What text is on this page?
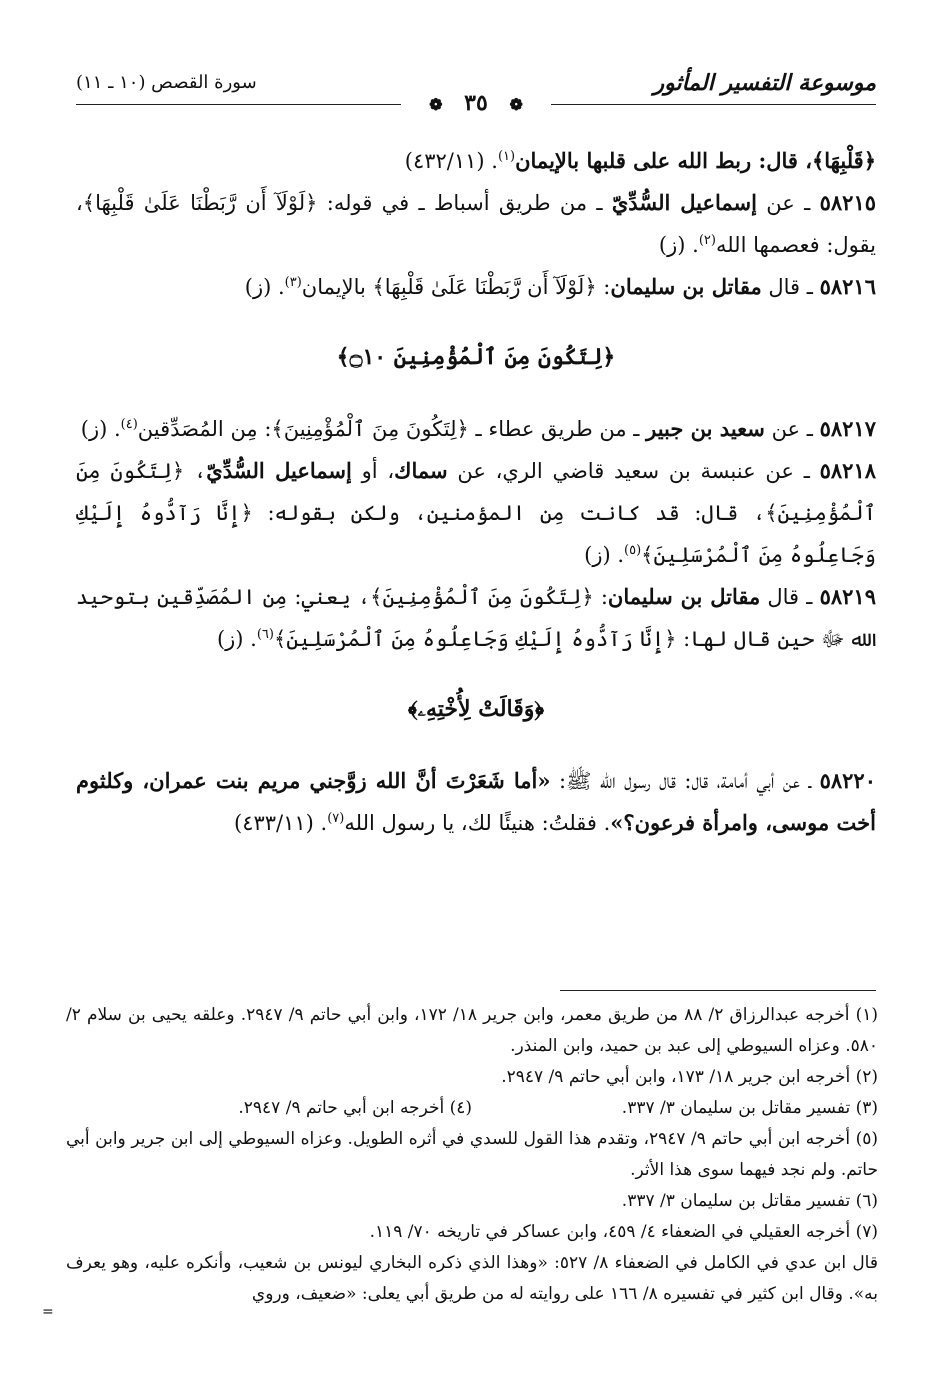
موسوعة التفسير المأثور
❁ ٣٥ ❁
سورة القصص (١٠ ـ ١١)

﴿قَلْبِهَا﴾، قال: ربط الله على قلبها بالإيمان$^{(١)}$. (٤٣٢/١١)

٥٨٢١٥ ـ عن إسماعيل السُّدِّيّ ـ من طريق أسباط ـ في قوله: ﴿لَوْلَآ أَن رَّبَطْنَا عَلَىٰ قَلْبِهَا﴾، يقول: فعصمها الله$^{(٢)}$. (ز)

٥٨٢١٦ ـ قال مقاتل بن سليمان: ﴿لَوْلَآ أَن رَّبَطْنَا عَلَىٰ قَلْبِهَا﴾ بالإيمان$^{(٣)}$. (ز)

﴿لِتَكُونَ مِنَ ٱلْمُؤْمِنِينَ ۝١٠﴾

٥٨٢١٧ ـ عن سعيد بن جبير ـ من طريق عطاء ـ ﴿لِتَكُونَ مِنَ ٱلْمُؤْمِنِينَ﴾: مِن المُصَدِّقين$^{(٤)}$. (ز)

٥٨٢١٨ ـ عن عنبسة بن سعيد قاضي الري، عن سماك، أو إسماعيل السُّدِّيّ، ﴿لِتَكُونَ مِنَ ٱلْمُؤْمِنِينَ﴾، قال: قد كانت مِن المؤمنين، ولكن بقوله: ﴿إِنَّا رَآدُّوهُ إِلَيْكِ وَجَاعِلُوهُ مِنَ ٱلْمُرْسَلِينَ﴾$^{(٥)}$. (ز)

٥٨٢١٩ ـ قال مقاتل بن سليمان: ﴿لِتَكُونَ مِنَ ٱلْمُؤْمِنِينَ﴾، يعني: مِن المُصَدِّقين بتوحيد الله ﷻ حين قال لها: ﴿إِنَّا رَآدُّوهُ إِلَيْكِ وَجَاعِلُوهُ مِنَ ٱلْمُرْسَلِينَ﴾$^{(٦)}$. (ز)

﴿وَقَالَتْ لِأُخْتِهِۦ﴾

٥٨٢٢٠ ـ عن أبي أمامة، قال: قال رسول الله ﷺ: «أما شَعَرْتَ أنَّ الله زوَّجني مريم بنت عمران، وكلثوم أخت موسى، وامرأة فرعون؟». فقلتُ: هنيئًا لك، يا رسول الله$^{(٧)}$. (٤٣٣/١١)

(١) أخرجه عبدالرزاق ٢/ ٨٨ من طريق معمر، وابن جرير ١٨/ ١٧٢، وابن أبي حاتم ٩/ ٢٩٤٧. وعلقه يحيى بن سلام ٢/ ٥٨٠. وعزاه السيوطي إلى عبد بن حميد، وابن المنذر.

(٢) أخرجه ابن جرير ١٨/ ١٧٣، وابن أبي حاتم ٩/ ٢٩٤٧.

(٣) تفسير مقاتل بن سليمان ٣/ ٣٣٧.

(٤) أخرجه ابن أبي حاتم ٩/ ٢٩٤٧.

(٥) أخرجه ابن أبي حاتم ٩/ ٢٩٤٧، وتقدم هذا القول للسدي في أثره الطويل. وعزاه السيوطي إلى ابن جرير وابن أبي حاتم. ولم نجد فيهما سوى هذا الأثر.

(٦) تفسير مقاتل بن سليمان ٣/ ٣٣٧.

(٧) أخرجه العقيلي في الضعفاء ٤/ ٤٥٩، وابن عساكر في تاريخه ٧٠/ ١١٩.

قال ابن عدي في الكامل في الضعفاء ٨/ ٥٢٧: «وهذا الذي ذكره البخاري ليونس بن شعيب، وأنكره عليه، وهو يعرف به». وقال ابن كثير في تفسيره ٨/ ١٦٦ على روايته له من طريق أبي يعلى: «ضعيف، وروي

=
